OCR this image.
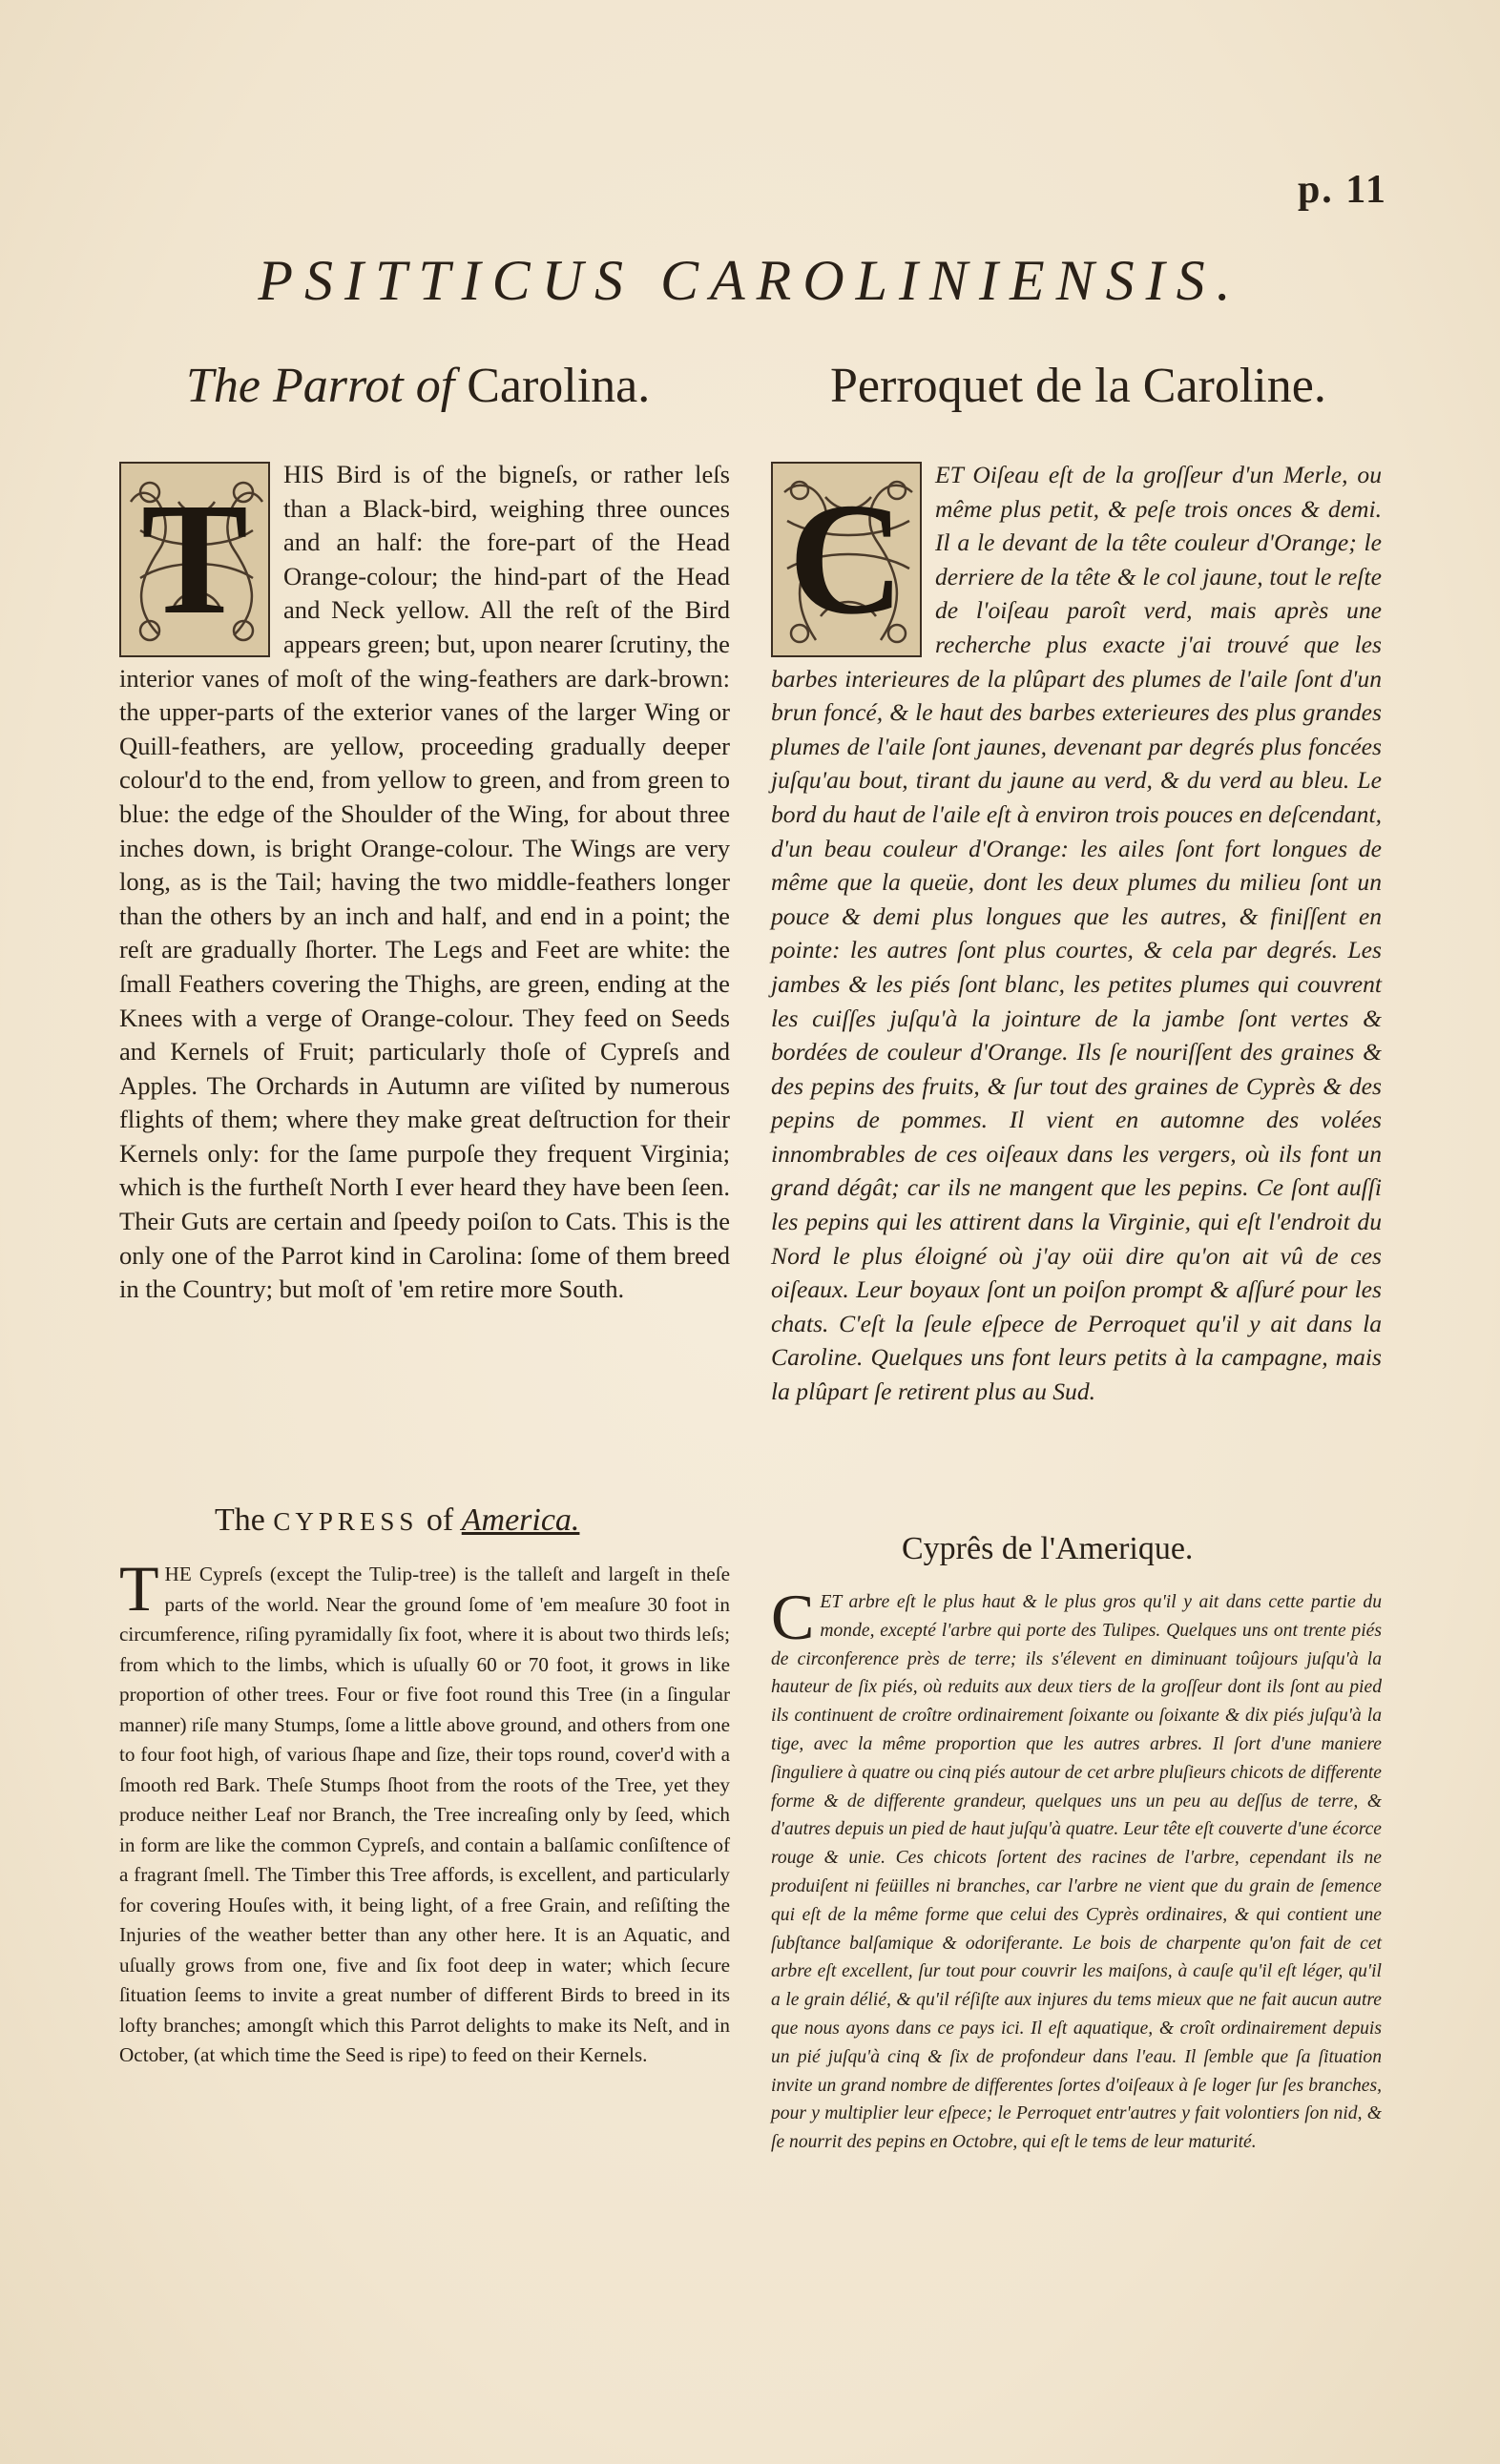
p. 11
PSITTICUS CAROLINIENSIS.
The Parrot of Carolina.	Perroquet de la Caroline.
T	HIS Bird is of the bigneſs, or rather leſs than a Black-bird, weighing three ounces and an half: the fore-part of the Head Orange-colour; the hind-part of the Head and Neck yellow. All the reſt of the Bird appears green; but, upon nearer ſcrutiny, the interior vanes of moſt of the wing-feathers are dark-brown: the upper-parts of the exterior vanes of the larger Wing or Quill-feathers, are yellow, proceeding gradually deeper colour'd to the end, from yellow to green, and from green to blue: the edge of the Shoulder of the Wing, for about three inches down, is bright Orange-colour. The Wings are very long, as is the Tail; having the two middle-feathers longer than the others by an inch and half, and end in a point; the reſt are gradually ſhorter. The Legs and Feet are white: the ſmall Feathers covering the Thighs, are green, ending at the Knees with a verge of Orange-colour. They feed on Seeds and Kernels of Fruit; particularly thoſe of Cypreſs and Apples. The Orchards in Autumn are viſited by numerous flights of them; where they make great deſtruction for their Kernels only: for the ſame purpoſe they frequent Virginia; which is the furtheſt North I ever heard they have been ſeen. Their Guts are certain and ſpeedy poiſon to Cats. This is the only one of the Parrot kind in Carolina: ſome of them breed in the Country; but moſt of 'em retire more South.
C	ET Oiſeau eſt de la groſſeur d'un Merle, ou même plus petit, & peſe trois onces & demi. Il a le devant de la tête couleur d'Orange; le derriere de la tête & le col jaune, tout le reſte de l'oiſeau paroît verd, mais après une recherche plus exacte j'ai trouvé que les barbes interieures de la plûpart des plumes de l'aile ſont d'un brun foncé, & le haut des barbes exterieures des plus grandes plumes de l'aile ſont jaunes, devenant par degrés plus foncées juſqu'au bout, tirant du jaune au verd, & du verd au bleu. Le bord du haut de l'aile eſt à environ trois pouces en deſcendant, d'un beau couleur d'Orange: les ailes ſont fort longues de même que la queüe, dont les deux plumes du milieu ſont un pouce & demi plus longues que les autres, & finiſſent en pointe: les autres ſont plus courtes, & cela par degrés. Les jambes & les piés ſont blanc, les petites plumes qui couvrent les cuiſſes juſqu'à la jointure de la jambe ſont vertes & bordées de couleur d'Orange. Ils ſe nouriſſent des graines & des pepins des fruits, & ſur tout des graines de Cyprès & des pepins de pommes. Il vient en automne des volées innombrables de ces oiſeaux dans les vergers, où ils font un grand dégât; car ils ne mangent que les pepins. Ce ſont auſſi les pepins qui les attirent dans la Virginie, qui eſt l'endroit du Nord le plus éloigné où j'ay oüi dire qu'on ait vû de ces oiſeaux. Leur boyaux ſont un poiſon prompt & aſſuré pour les chats. C'eſt la ſeule eſpece de Perroquet qu'il y ait dans la Caroline. Quelques uns font leurs petits à la campagne, mais la plûpart ſe retirent plus au Sud.
The CYPRESS of America.
Cyprês de l'Amerique.
T HE Cypreſs (except the Tulip-tree) is the talleſt and largeſt in theſe parts of the world. Near the ground ſome of 'em meaſure 30 foot in circumference, riſing pyramidally ſix foot, where it is about two thirds leſs; from which to the limbs, which is uſually 60 or 70 foot, it grows in like proportion of other trees. Four or five foot round this Tree (in a ſingular manner) riſe many Stumps, ſome a little above ground, and others from one to four foot high, of various ſhape and ſize, their tops round, cover'd with a ſmooth red Bark. Theſe Stumps ſhoot from the roots of the Tree, yet they produce neither Leaf nor Branch, the Tree increaſing only by ſeed, which in form are like the common Cypreſs, and contain a balſamic conſiſtence of a fragrant ſmell. The Timber this Tree affords, is excellent, and particularly for covering Houſes with, it being light, of a free Grain, and reſiſting the Injuries of the weather better than any other here. It is an Aquatic, and uſually grows from one, five and ſix foot deep in water; which ſecure ſituation ſeems to invite a great number of different Birds to breed in its lofty branches; amongſt which this Parrot delights to make its Neſt, and in October, (at which time the Seed is ripe) to feed on their Kernels.
C ET arbre eſt le plus haut & le plus gros qu'il y ait dans cette partie du monde, excepté l'arbre qui porte des Tulipes. Quelques uns ont trente piés de circonference près de terre; ils s'élevent en diminuant toûjours juſqu'à la hauteur de ſix piés, où reduits aux deux tiers de la groſſeur dont ils ſont au pied ils continuent de croître ordinairement ſoixante ou ſoixante & dix piés juſqu'à la tige, avec la même proportion que les autres arbres. Il ſort d'une maniere ſinguliere à quatre ou cinq piés autour de cet arbre pluſieurs chicots de differente forme & de differente grandeur, quelques uns un peu au deſſus de terre, & d'autres depuis un pied de haut juſqu'à quatre. Leur tête eſt couverte d'une écorce rouge & unie. Ces chicots ſortent des racines de l'arbre, cependant ils ne produiſent ni feüilles ni branches, car l'arbre ne vient que du grain de ſemence qui eſt de la même forme que celui des Cyprès ordinaires, & qui contient une ſubſtance balſamique & odoriferante. Le bois de charpente qu'on fait de cet arbre eſt excellent, ſur tout pour couvrir les maiſons, à cauſe qu'il eſt léger, qu'il a le grain délié, & qu'il réſiſte aux injures du tems mieux que ne fait aucun autre que nous ayons dans ce pays ici. Il eſt aquatique, & croît ordinairement depuis un pié juſqu'à cinq & ſix de profondeur dans l'eau. Il ſemble que ſa ſituation invite un grand nombre de differentes ſortes d'oiſeaux à ſe loger ſur ſes branches, pour y multiplier leur eſpece; le Perroquet entr'autres y fait volontiers ſon nid, & ſe nourrit des pepins en Octobre, qui eſt le tems de leur maturité.
